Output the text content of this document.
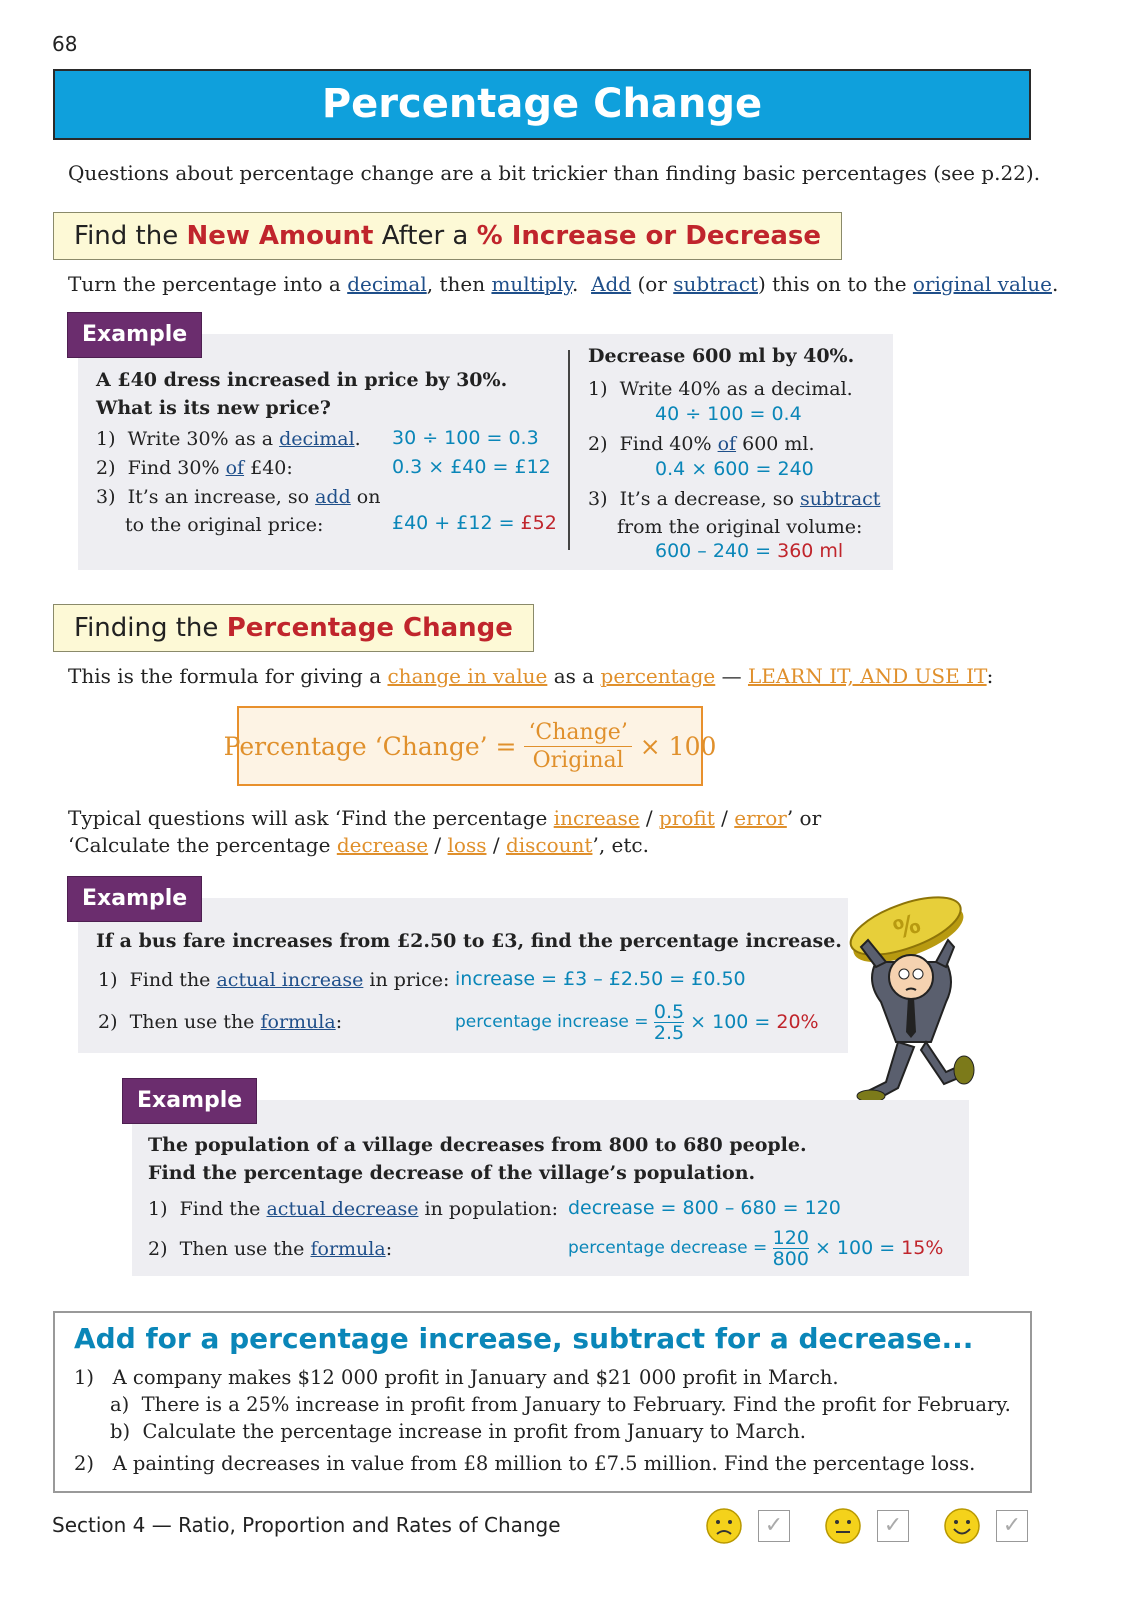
68
Percentage Change
Questions about percentage change are a bit trickier than finding basic percentages (see p.22).
Find the New Amount After a % Increase or Decrease
Turn the percentage into a decimal, then multiply.  Add (or subtract) this on to the original value.
Example
A £40 dress increased in price by 30%.
What is its new price?
1) Write 30% as a decimal. 30 ÷ 100 = 0.3
2) Find 30% of £40:	0.3 × £40 = £12
3) It’s an increase, so add on
to the original price:	£40 + £12 = £52
Decrease 600 ml by 40%.
1) Write 40% as a decimal.
40 ÷ 100 = 0.4
2) Find 40% of 600 ml.
0.4 × 600 = 240
3) It’s a decrease, so subtract
from the original volume:
600 – 240 = 360 ml
Finding the Percentage Change
This is the formula for giving a change in value as a percentage — LEARN IT, AND USE IT:
Percentage ‘Change’ = $\frac{\text{‘Change’}}{\text{Original}} \times 100$
Typical questions will ask ‘Find the percentage increase / profit / error’ or
‘Calculate the percentage decrease / loss / discount’, etc.
Example
If a bus fare increases from £2.50 to £3, find the percentage increase.
1) Find the actual increase in price: increase = £3 – £2.50 = £0.50
2) Then use the formula:	percentage increase = $\frac{0.5}{2.5} \times 100 = 20\%$
%
Example
The population of a village decreases from 800 to 680 people.
Find the percentage decrease of the village’s population.
1) Find the actual decrease in population: decrease = 800 – 680 = 120
2) Then use the formula:	percentage decrease = $\frac{120}{800} \times 100 = 15\%$
Add for a percentage increase, subtract for a decrease...
1) A company makes $12 000 profit in January and $21 000 profit in March.
a) There is a 25% increase in profit from January to February. Find the profit for February.
b) Calculate the percentage increase in profit from January to March.
2) A painting decreases in value from £8 million to £7.5 million. Find the percentage loss.
Section 4 — Ratio, Proportion and Rates of Change	✓	✓	✓
